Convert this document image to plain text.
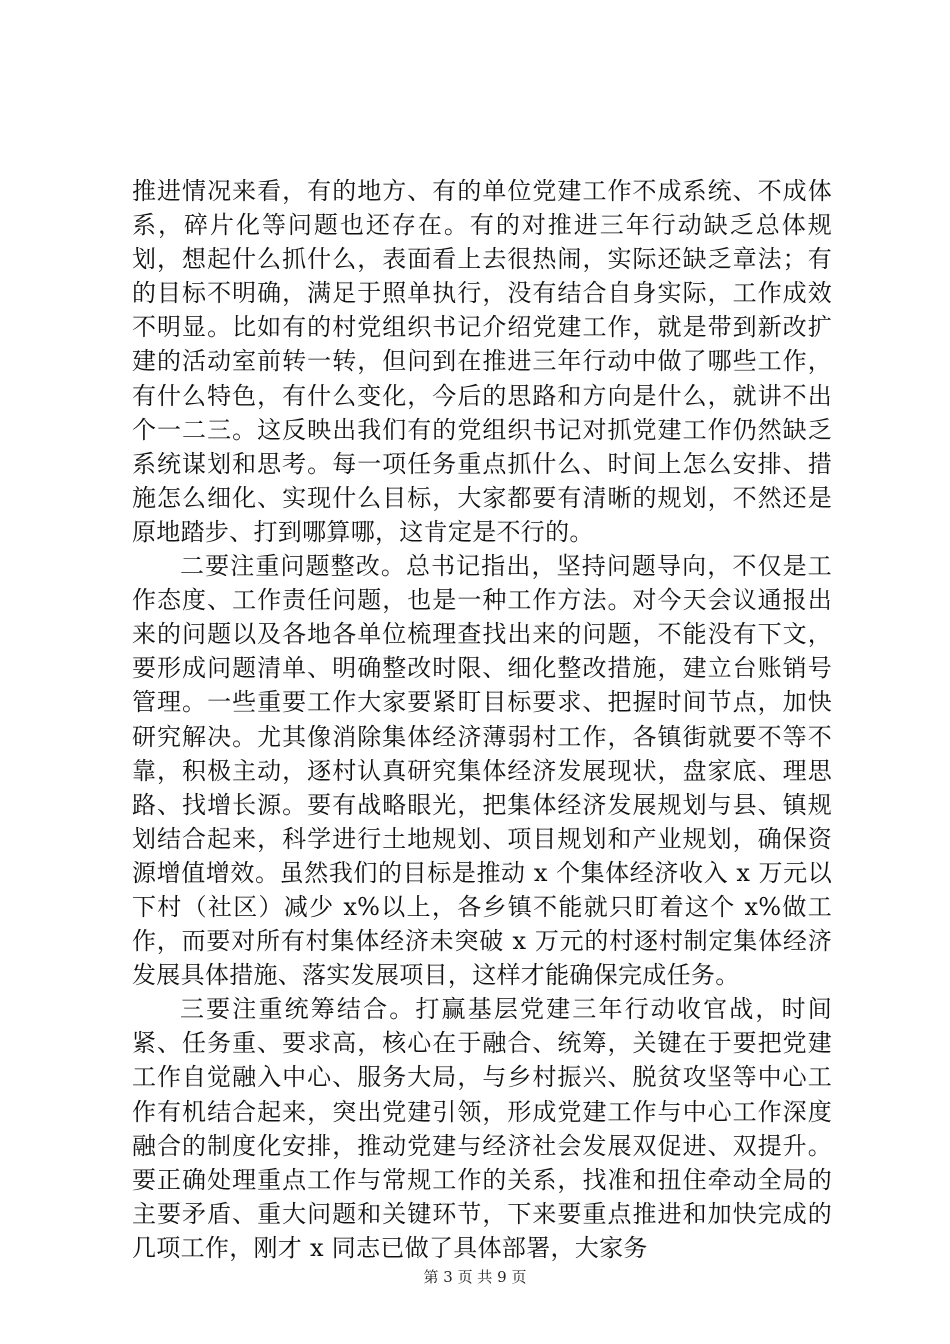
推进情况来看，有的地方、有的单位党建工作不成系统、不成体系，碎片化等问题也还存在。有的对推进三年行动缺乏总体规划，想起什么抓什么，表面看上去很热闹，实际还缺乏章法；有的目标不明确，满足于照单执行，没有结合自身实际，工作成效不明显。比如有的村党组织书记介绍党建工作，就是带到新改扩建的活动室前转一转，但问到在推进三年行动中做了哪些工作，有什么特色，有什么变化，今后的思路和方向是什么，就讲不出个一二三。这反映出我们有的党组织书记对抓党建工作仍然缺乏系统谋划和思考。每一项任务重点抓什么、时间上怎么安排、措施怎么细化、实现什么目标，大家都要有清晰的规划，不然还是原地踏步、打到哪算哪，这肯定是不行的。

二要注重问题整改。总书记指出，坚持问题导向，不仅是工作态度、工作责任问题，也是一种工作方法。对今天会议通报出来的问题以及各地各单位梳理查找出来的问题，不能没有下文，要形成问题清单、明确整改时限、细化整改措施，建立台账销号管理。一些重要工作大家要紧盯目标要求、把握时间节点，加快研究解决。尤其像消除集体经济薄弱村工作，各镇街就要不等不靠，积极主动，逐村认真研究集体经济发展现状，盘家底、理思路、找增长源。要有战略眼光，把集体经济发展规划与县、镇规划结合起来，科学进行土地规划、项目规划和产业规划，确保资源增值增效。虽然我们的目标是推动 x 个集体经济收入 x 万元以下村（社区）减少 x%以上，各乡镇不能就只盯着这个 x%做工作，而要对所有村集体经济未突破 x 万元的村逐村制定集体经济发展具体措施、落实发展项目，这样才能确保完成任务。

三要注重统筹结合。打赢基层党建三年行动收官战，时间紧、任务重、要求高，核心在于融合、统筹，关键在于要把党建工作自觉融入中心、服务大局，与乡村振兴、脱贫攻坚等中心工作有机结合起来，突出党建引领，形成党建工作与中心工作深度融合的制度化安排，推动党建与经济社会发展双促进、双提升。要正确处理重点工作与常规工作的关系，找准和扭住牵动全局的主要矛盾、重大问题和关键环节，下来要重点推进和加快完成的几项工作，刚才 x 同志已做了具体部署，大家务

第 3 页 共 9 页
